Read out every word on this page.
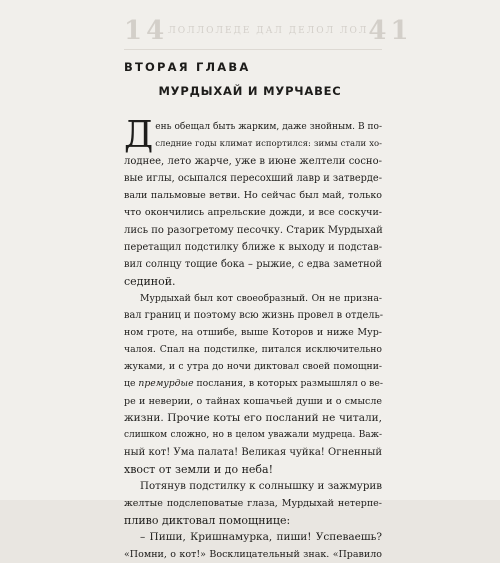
14 ЛОЛЛОЛЕДЕ ДАЛ ДЕЛОЛ ЛОЛ 41
ВТОРАЯ ГЛАВА
МУРДЫХАЙ И МУРЧАВЕС

Д ень обещал быть жарким, даже знойным. В по-
следние годы климат испортился: зимы стали хо-
лоднее, лето жарче, уже в июне желтели сосно-
вые иглы, осыпался пересохший лавр и затверде-
вали пальмовые ветви. Но сейчас был май, только
что окончились апрельские дожди, и все соскучи-
лись по разогретому песочку. Старик Мурдыхай
перетащил подстилку ближе к выходу и подстав-
вил солнцу тощие бока – рыжие, с едва заметной
сединой.

Мурдыхай был кот своеобразный. Он не призна-
вал границ и поэтому всю жизнь провел в отдель-
ном гроте, на отшибе, выше Которов и ниже Мур-
чалоя. Спал на подстилке, питался исключительно
жуками, и с утра до ночи диктовал своей помощни-
це премурдые послания, в которых размышлял о ве-
ре и неверии, о тайнах кошачьей души и о смысле
жизни. Прочие коты его посланий не читали,
слишком сложно, но в целом уважали мудреца. Важ-
ный кот! Ума палата! Великая чуйка! Огненный
хвост от земли и до неба!

Потянув подстилку к солнышку и зажмурив
желтые подслеповатые глаза, Мурдыхай нетерпе-
пливо диктовал помощнице:

– Пиши, Кришнамурка, пиши! Успеваешь?
«Помни, о кот!» Восклицательный знак. «Правило
